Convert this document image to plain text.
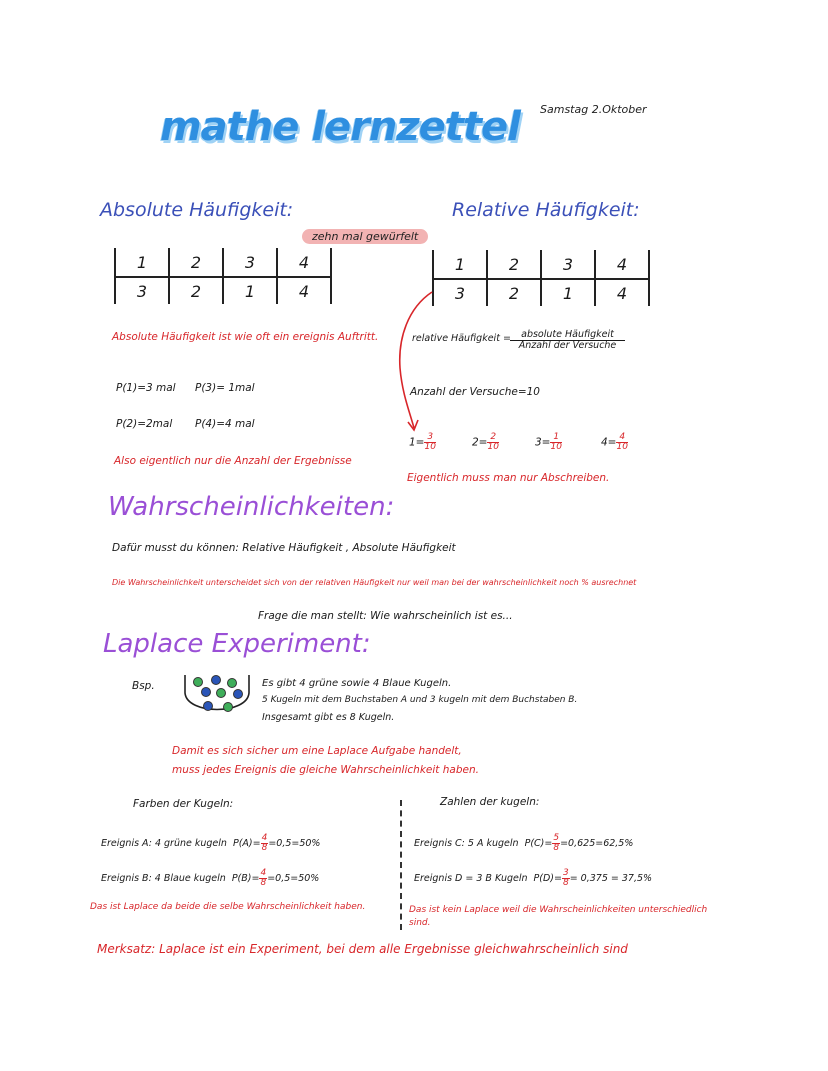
mathe lernzettel Samstag 2.Oktober
Absolute Häufigkeit:
zehn mal gewürfelt
1	2	3	4
3	2	1	4
Absolute Häufigkeit ist wie oft ein ereignis Auftritt.
P(1)=3 mal P(3)= 1mal
P(2)=2mal P(4)=4 mal
Also eigentlich nur die Anzahl der Ergebnisse
Relative Häufigkeit:
1	2	3	4
3	2	1	4
relative Häufigkeit =	absolute Häufigkeit
Anzahl der Versuche
Anzahl der Versuche=10
$1= \frac{3}{10}$	$2= \frac{2}{10}$	$3= \frac{1}{10}$	$4= \frac{4}{10}$
Eigentlich muss man nur Abschreiben.
Wahrscheinlichkeiten:
Dafür musst du können: Relative Häufigkeit , Absolute Häufigkeit
Die Wahrscheinlichkeit unterscheidet sich von der relativen Häufigkeit nur weil man bei der wahrscheinlichkeit noch % ausrechnet
Frage die man stellt: Wie wahrscheinlich ist es...
Laplace Experiment:
Bsp.	Es gibt 4 grüne sowie 4 Blaue Kugeln.
5 Kugeln mit dem Buchstaben A und 3 kugeln mit dem Buchstaben B.
Insgesamt gibt es 8 Kugeln.
Damit es sich sicher um eine Laplace Aufgabe handelt,
muss jedes Ereignis die gleiche Wahrscheinlichkeit haben.
Farben der Kugeln:
Ereignis A: 4 grüne kugeln $P(A)= \frac{4}{8} =0,5=50\%$
Ereignis B: 4 Blaue kugeln $P(B)= \frac{4}{8} =0,5=50\%$
Das ist Laplace da beide die selbe Wahrscheinlichkeit haben.
Zahlen der kugeln:
Ereignis C: 5 A kugeln $P(C)= \frac{5}{8} =0,625=62,5\%$
Ereignis D = 3 B Kugeln $P(D)= \frac{3}{8} = 0,375 = 37,5\%$
Das ist kein Laplace weil die Wahrscheinlichkeiten unterschiedlich
sind.
Merksatz: Laplace ist ein Experiment, bei dem alle Ergebnisse gleichwahrscheinlich sind
